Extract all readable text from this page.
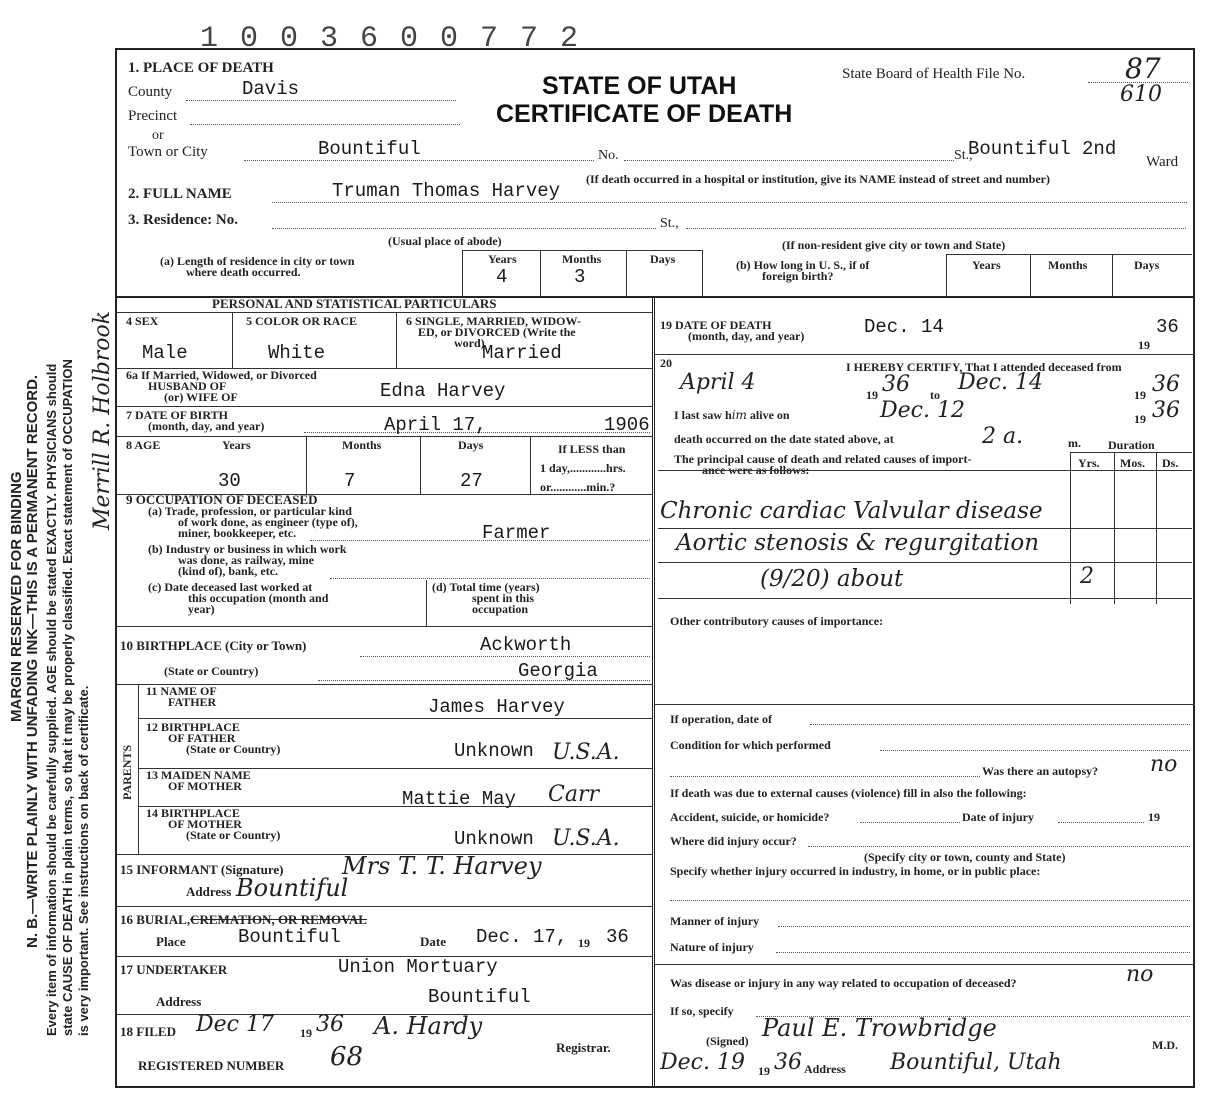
MARGIN RESERVED FOR BINDING N. B.—WRITE PLAINLY WITH UNFADING INK—THIS IS A PERMANENT RECORD. Every item of information should be carefully supplied. AGE should be stated EXACTLY. PHYSICIANS should state CAUSE OF DEATH in plain terms, so that it may be properly classified. Exact statement of OCCUPATION is very important. See instructions on back of certificate.
Merrill R. Holbrook
1 0 0 3 6 0 0 7 7 2
STATE OF UTAH
CERTIFICATE OF DEATH
State Board of Health File No.	87
610
1. PLACE OF DEATH
County	Davis
Precinct
or
Town or City	Bountiful	No.	St.,
Bountiful 2nd
Ward
(If death occurred in a hospital or institution, give its NAME instead of street and number)
2. FULL NAME	Truman Thomas Harvey
3. Residence: No.	St.,
(Usual place of abode)	(If non-resident give city or town and State)
(a) Length of residence in city or town
where death occurred.
Years	Months	Days
4	3
(b) How long in U. S., if of
foreign birth?
Years	Months	Days
PERSONAL AND STATISTICAL PARTICULARS
4 SEX	5 COLOR OR RACE	6 SINGLE, MARRIED, WIDOW-
ED, or DIVORCED (Write the
word)
Male	White	Married
6a If Married, Widowed, or Divorced
HUSBAND OF
(or) WIFE OF	Edna Harvey
7 DATE OF BIRTH
(month, day, and year)	April 17,	1906
8 AGE	Years	Months	Days	If LESS than
1 day,............hrs.
or............min.?
30	7	27
9 OCCUPATION OF DECEASED
(a) Trade, profession, or particular kind
of work done, as engineer (type of),
miner, bookkeeper, etc.	Farmer
(b) Industry or business in which work
was done, as railway, mine
(kind of), bank, etc.
(c) Date deceased last worked at
this occupation (month and
year)
(d) Total time (years)
spent in this
occupation
10 BIRTHPLACE (City or Town)	Ackworth
(State or Country)	Georgia
PARENTS
11 NAME OF
FATHER	James Harvey
12 BIRTHPLACE
OF FATHER
(State or Country)	Unknown U.S.A.
13 MAIDEN NAME
OF MOTHER
Mattie May Carr
14 BIRTHPLACE
OF MOTHER
(State or Country)	Unknown U.S.A.
15 INFORMANT (Signature) Mrs T. T. Harvey
Address Bountiful
16 BURIAL,CREMATION, OR REMOVAL
Place	Bountiful	Date Dec. 17, 19 36
17 UNDERTAKER	Union Mortuary
Address	Bountiful
18 FILED Dec 17 19 36 A. Hardy
Registrar.
REGISTERED NUMBER 68
19 DATE OF DEATH
(month, day, and year)	Dec. 14
19
36
20	I HEREBY CERTIFY, That I attended deceased from
April 4	19 36 to Dec. 14	19 36
I last saw him alive on	Dec. 12	19 36
death occurred on the date stated above, at	2 a.	m. Duration
The principal cause of death and related causes of import-
ance were as follows:	Yrs. Mos. Ds.
Chronic cardiac Valvular disease
Aortic stenosis & regurgitation
(9/20) about	2
Other contributory causes of importance:
If operation, date of
Condition for which performed
Was there an autopsy? no
If death was due to external causes (violence) fill in also the following:
Accident, suicide, or homicide?	Date of injury	19
Where did injury occur?
(Specify city or town, county and State)
Specify whether injury occurred in industry, in home, or in public place:
Manner of injury
Nature of injury
Was disease or injury in any way related to occupation of deceased?	no
If so, specify
(Signed) Paul E. Trowbridge
M.D.
Dec. 19 19 36 Address Bountiful, Utah
